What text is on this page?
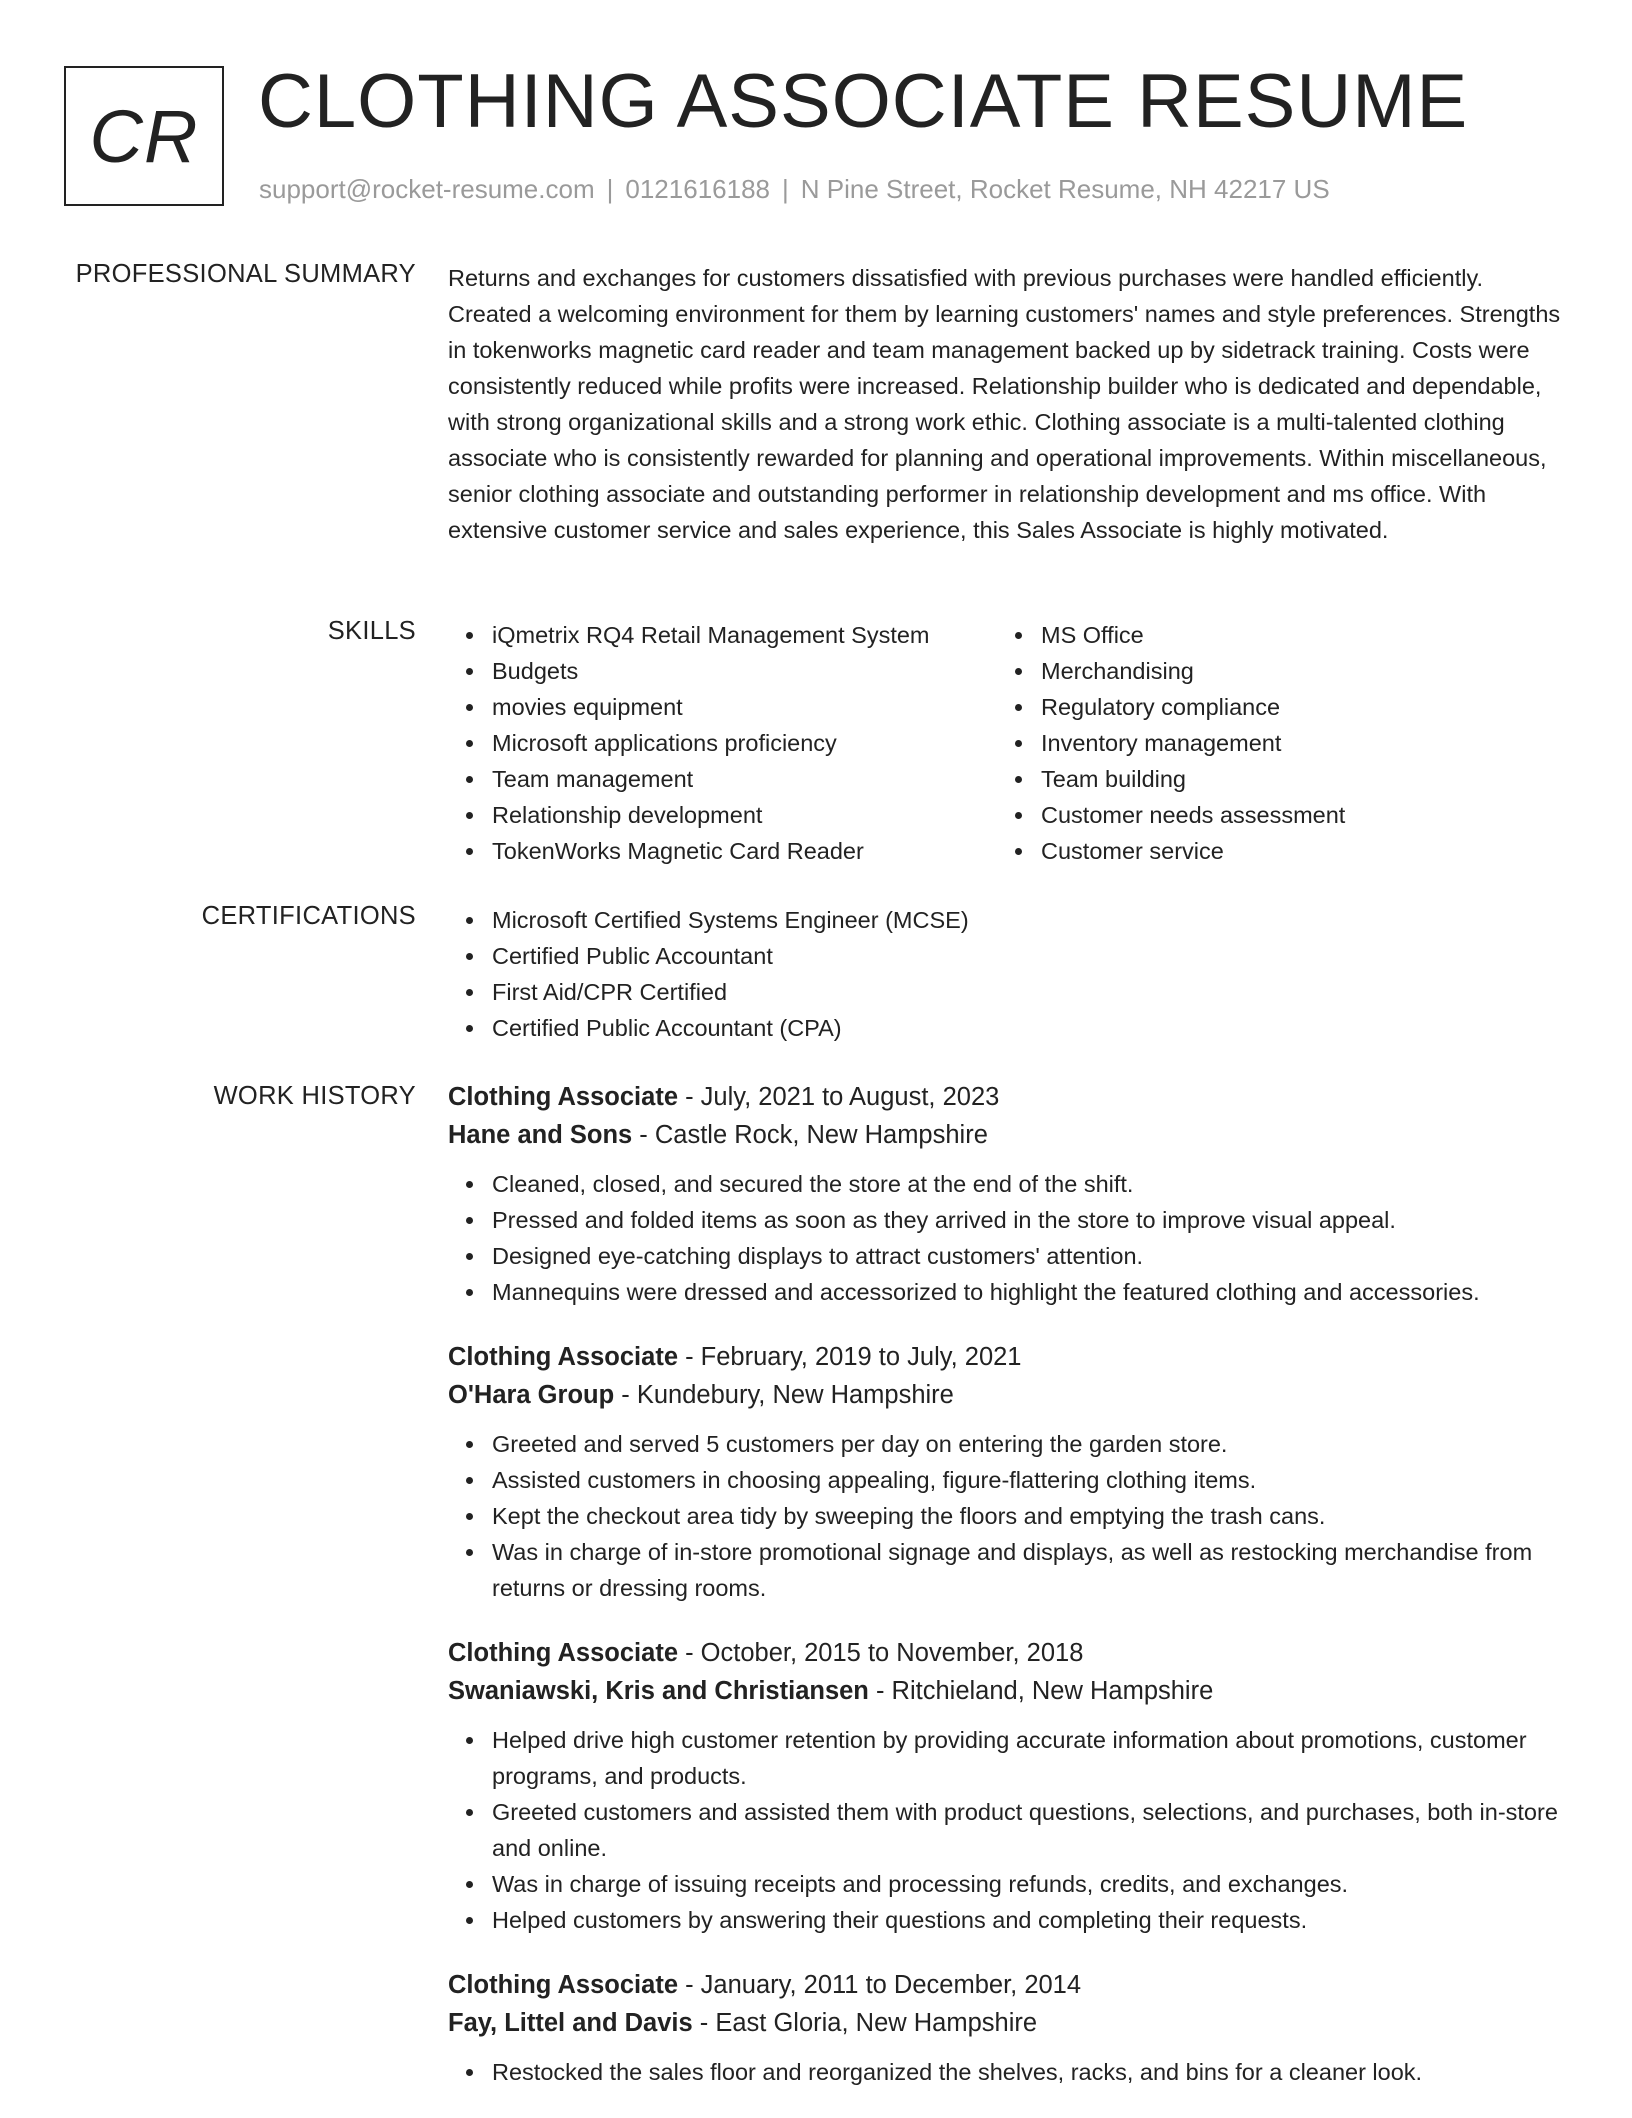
CR CLOTHING ASSOCIATE RESUME
support@rocket-resume.com | 0121616188 | N Pine Street, Rocket Resume, NH 42217 US
PROFESSIONAL SUMMARY Returns and exchanges for customers dissatisfied with previous purchases were handled efficiently. Created a welcoming environment for them by learning customers' names and style preferences. Strengths in tokenworks magnetic card reader and team management backed up by sidetrack training. Costs were consistently reduced while profits were increased. Relationship builder who is dedicated and dependable, with strong organizational skills and a strong work ethic. Clothing associate is a multi-talented clothing associate who is consistently rewarded for planning and operational improvements. Within miscellaneous, senior clothing associate and outstanding performer in relationship development and ms office. With extensive customer service and sales experience, this Sales Associate is highly motivated.

SKILLS	iQmetrix RQ4 Retail Management System
Budgets
movies equipment
Microsoft applications proficiency
Team management
Relationship development
TokenWorks Magnetic Card Reader
MS Office
Merchandising
Regulatory compliance
Inventory management
Team building
Customer needs assessment
Customer service
CERTIFICATIONS	Microsoft Certified Systems Engineer (MCSE)
Certified Public Accountant
First Aid/CPR Certified
Certified Public Accountant (CPA)
WORK HISTORY Clothing Associate - July, 2021 to August, 2023
Hane and Sons - Castle Rock, New Hampshire
Cleaned, closed, and secured the store at the end of the shift.
Pressed and folded items as soon as they arrived in the store to improve visual appeal.
Designed eye-catching displays to attract customers' attention.
Mannequins were dressed and accessorized to highlight the featured clothing and accessories.
Clothing Associate - February, 2019 to July, 2021
O'Hara Group - Kundebury, New Hampshire
Greeted and served 5 customers per day on entering the garden store.
Assisted customers in choosing appealing, figure-flattering clothing items.
Kept the checkout area tidy by sweeping the floors and emptying the trash cans.
Was in charge of in-store promotional signage and displays, as well as restocking merchandise from returns or dressing rooms.
Clothing Associate - October, 2015 to November, 2018
Swaniawski, Kris and Christiansen - Ritchieland, New Hampshire
Helped drive high customer retention by providing accurate information about promotions, customer programs, and products.
Greeted customers and assisted them with product questions, selections, and purchases, both in-store and online.
Was in charge of issuing receipts and processing refunds, credits, and exchanges.
Helped customers by answering their questions and completing their requests.
Clothing Associate - January, 2011 to December, 2014
Fay, Littel and Davis - East Gloria, New Hampshire
Restocked the sales floor and reorganized the shelves, racks, and bins for a cleaner look.
